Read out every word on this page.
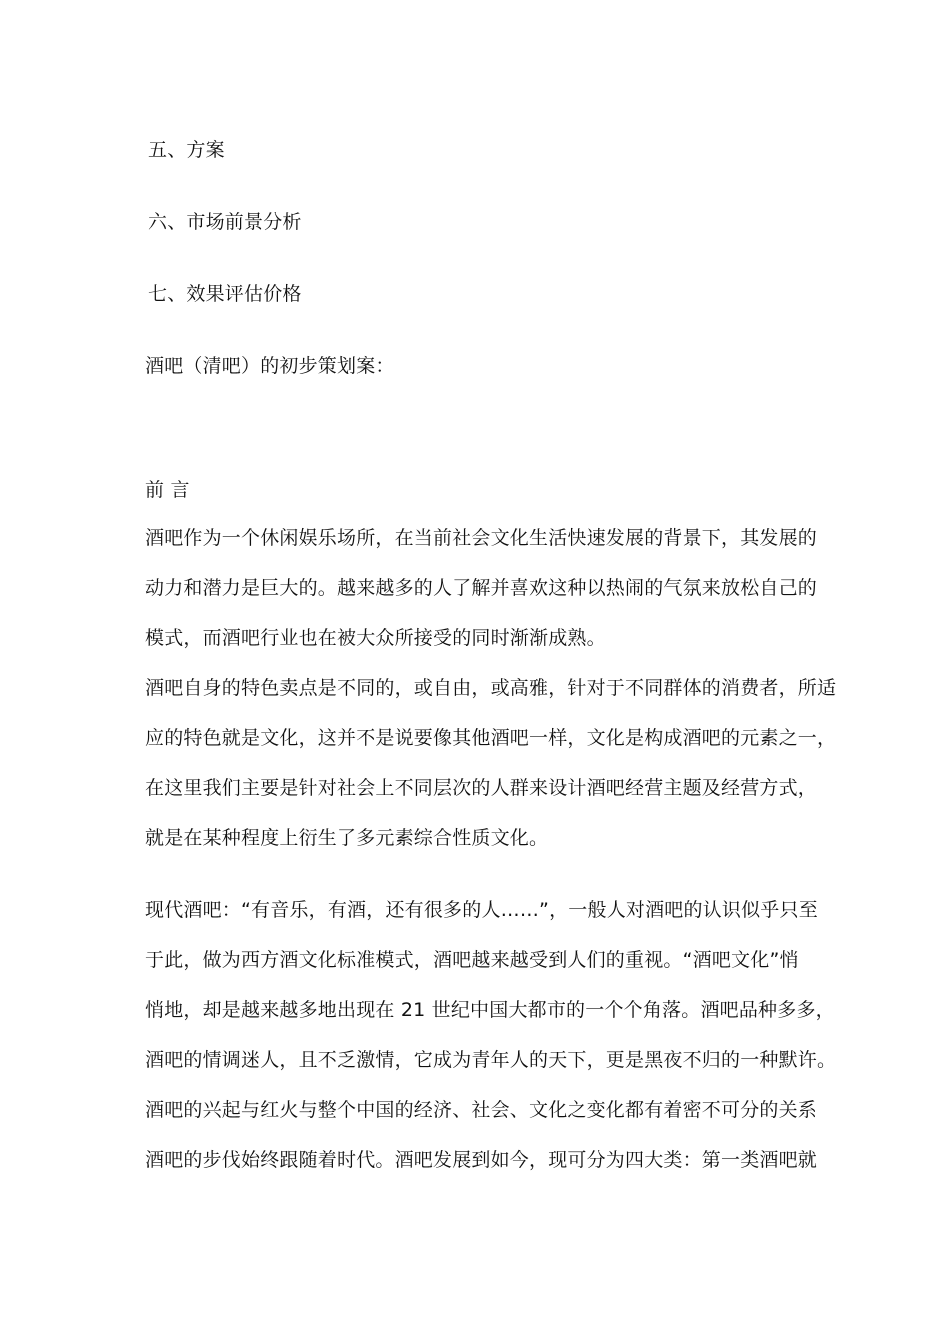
五、方案
六、市场前景分析
七、效果评估价格
酒吧（清吧）的初步策划案：
前 言
酒吧作为一个休闲娱乐场所，在当前社会文化生活快速发展的背景下，其发展的
动力和潜力是巨大的。越来越多的人了解并喜欢这种以热闹的气氛来放松自己的
模式，而酒吧行业也在被大众所接受的同时渐渐成熟。
酒吧自身的特色卖点是不同的，或自由，或高雅，针对于不同群体的消费者，所适
应的特色就是文化，这并不是说要像其他酒吧一样，文化是构成酒吧的元素之一，
在这里我们主要是针对社会上不同层次的人群来设计酒吧经营主题及经营方式，
就是在某种程度上衍生了多元素综合性质文化。
现代酒吧：“有音乐，有酒，还有很多的人……”，一般人对酒吧的认识似乎只至
于此，做为西方酒文化标准模式，酒吧越来越受到人们的重视。“酒吧文化”悄
悄地，却是越来越多地出现在 21 世纪中国大都市的一个个角落。酒吧品种多多，
酒吧的情调迷人，且不乏激情，它成为青年人的天下，更是黑夜不归的一种默许。
酒吧的兴起与红火与整个中国的经济、社会、文化之变化都有着密不可分的关系
酒吧的步伐始终跟随着时代。酒吧发展到如今，现可分为四大类：第一类酒吧就
